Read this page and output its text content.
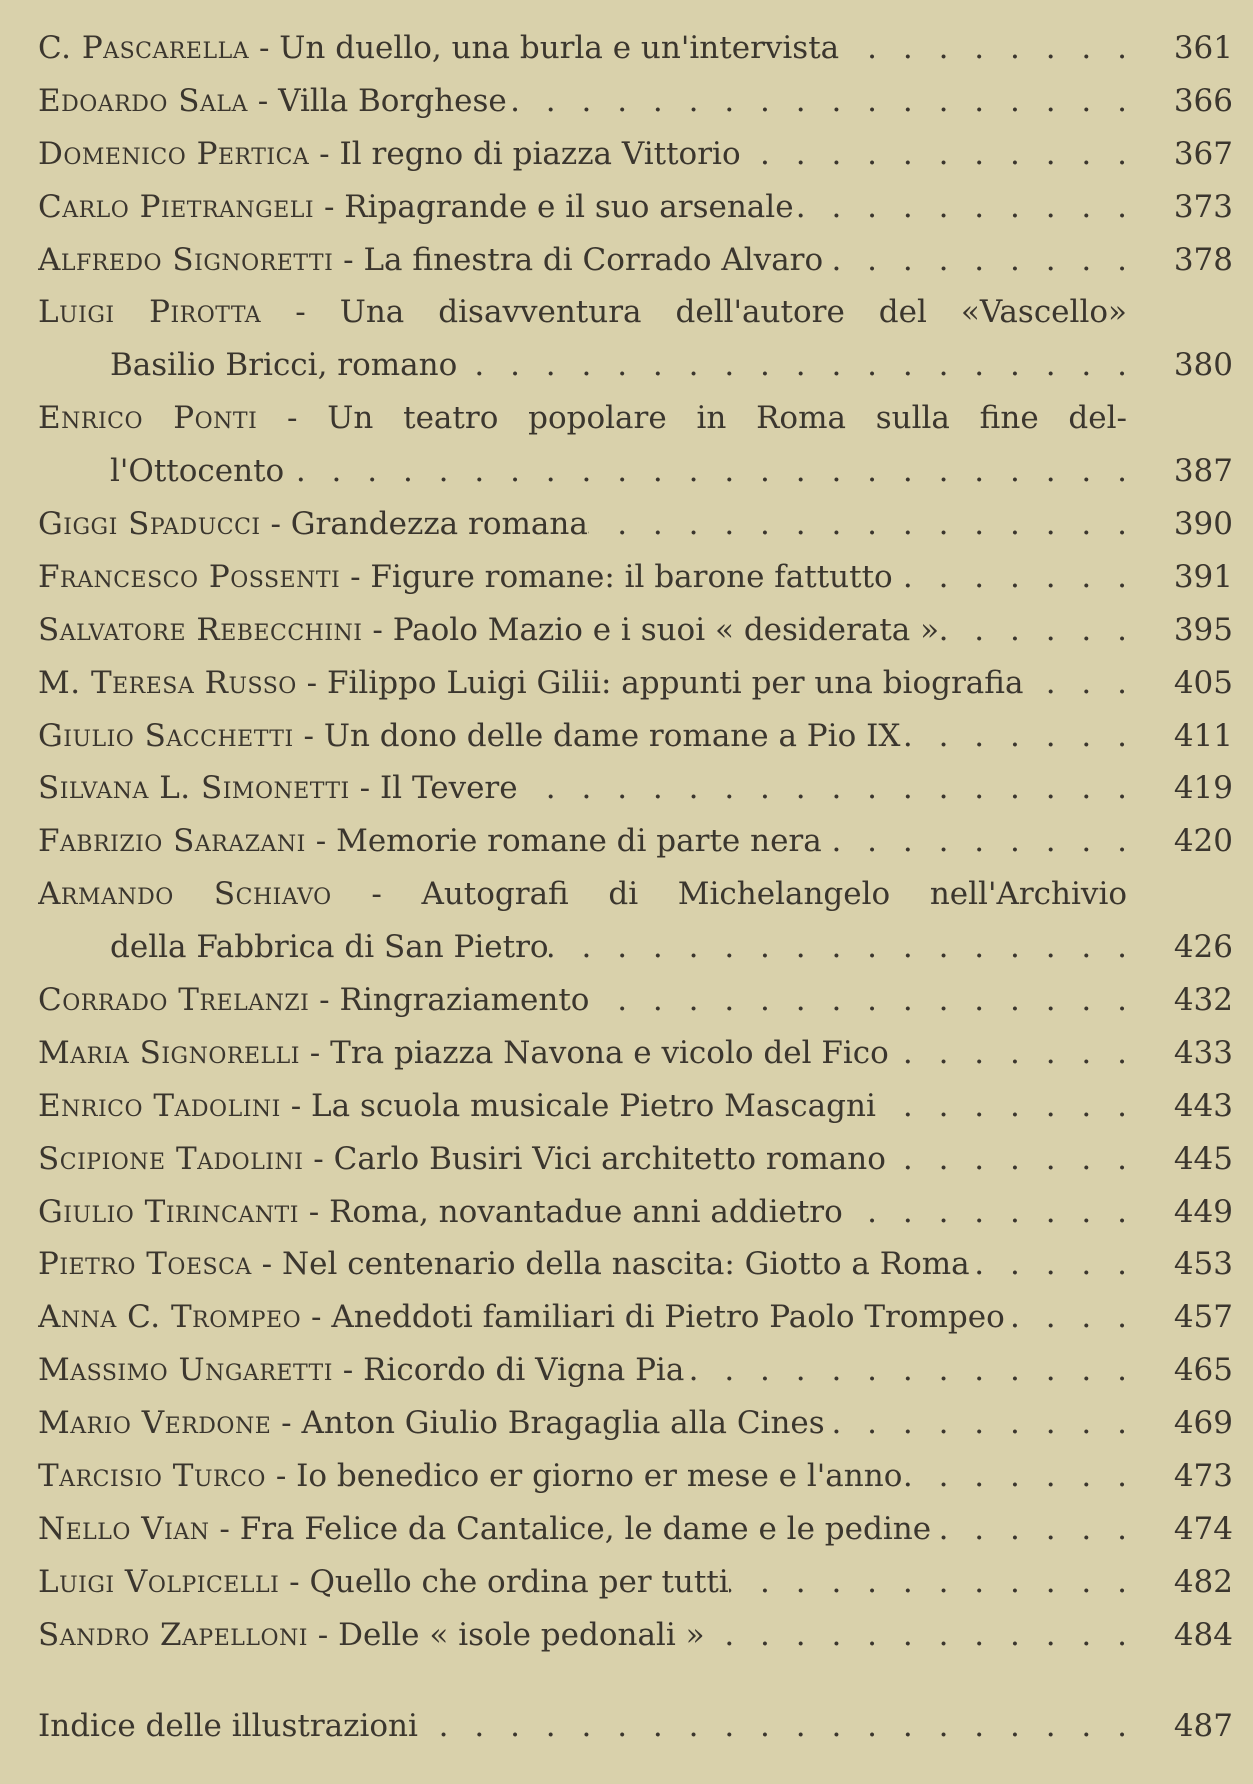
C. Pascarella - Un duello, una burla e un'intervista . . .	361
Edoardo Sala - Villa Borghese . . .	366
Domenico Pertica - Il regno di piazza Vittorio . . .	367
Carlo Pietrangeli - Ripagrande e il suo arsenale . . .	373
Alfredo Signoretti - La finestra di Corrado Alvaro . . .	378
Luigi Pirotta - Una disavventura dell'autore del «Vascello»
Basilio Bricci, romano . . .	380
Enrico Ponti - Un teatro popolare in Roma sulla fine del-
l'Ottocento . . .	387
Giggi Spaducci - Grandezza romana . . .	390
Francesco Possenti - Figure romane: il barone fattutto . . .	391
Salvatore Rebecchini - Paolo Mazio e i suoi « desiderata » . . .	395
M. Teresa Russo - Filippo Luigi Gilii: appunti per una biografia . . .	405
Giulio Sacchetti - Un dono delle dame romane a Pio IX . . .	411
Silvana L. Simonetti - Il Tevere . . .	419
Fabrizio Sarazani - Memorie romane di parte nera . . .	420
Armando Schiavo - Autografi di Michelangelo nell'Archivio
della Fabbrica di San Pietro . . .	426
Corrado Trelanzi - Ringraziamento . . .	432
Maria Signorelli - Tra piazza Navona e vicolo del Fico . . .	433
Enrico Tadolini - La scuola musicale Pietro Mascagni . . .	443
Scipione Tadolini - Carlo Busiri Vici architetto romano . . .	445
Giulio Tirincanti - Roma, novantadue anni addietro . . .	449
Pietro Toesca - Nel centenario della nascita: Giotto a Roma . . .	453
Anna C. Trompeo - Aneddoti familiari di Pietro Paolo Trompeo . . .	457
Massimo Ungaretti - Ricordo di Vigna Pia . . .	465
Mario Verdone - Anton Giulio Bragaglia alla Cines . . .	469
Tarcisio Turco - Io benedico er giorno er mese e l'anno . . .	473
Nello Vian - Fra Felice da Cantalice, le dame e le pedine . . .	474
Luigi Volpicelli - Quello che ordina per tutti . . .	482
Sandro Zapelloni - Delle « isole pedonali » . . .	484
Indice delle illustrazioni . . .	487
